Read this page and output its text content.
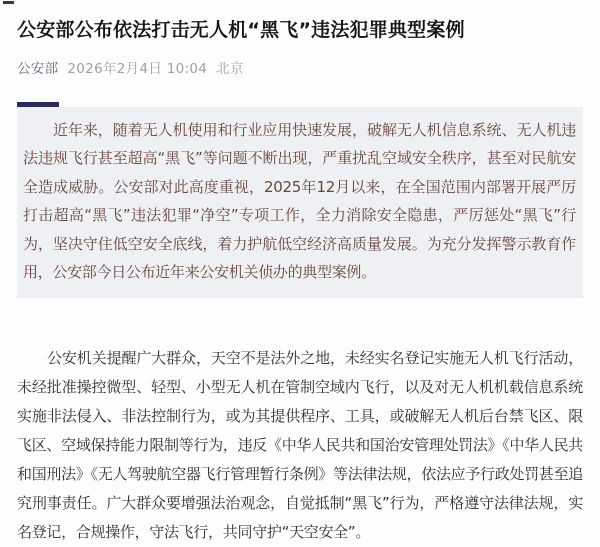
公安部公布依法打击无人机“黑飞”违法犯罪典型案例
公安部 2026年2月4日 10:04 北京

近年来，随着无人机使用和行业应用快速发展，破解无人机信息系统、无人机违法违规飞行甚至超高“黑飞”等问题不断出现，严重扰乱空域安全秩序，甚至对民航安全造成威胁。公安部对此高度重视，2025年12月以来，在全国范围内部署开展严厉打击超高“黑飞”违法犯罪“净空”专项工作，全力消除安全隐患，严厉惩处“黑飞”行为，坚决守住低空安全底线，着力护航低空经济高质量发展。为充分发挥警示教育作用，公安部今日公布近年来公安机关侦办的典型案例。

公安机关提醒广大群众，天空不是法外之地，未经实名登记实施无人机飞行活动，未经批准操控微型、轻型、小型无人机在管制空域内飞行，以及对无人机机载信息系统实施非法侵入、非法控制行为，或为其提供程序、工具，或破解无人机后台禁飞区、限飞区、空域保持能力限制等行为，违反《中华人民共和国治安管理处罚法》《中华人民共和国刑法》《无人驾驶航空器飞行管理暂行条例》等法律法规，依法应予行政处罚甚至追究刑事责任。广大群众要增强法治观念，自觉抵制“黑飞”行为，严格遵守法律法规，实名登记，合规操作，守法飞行，共同守护“天空安全”。
